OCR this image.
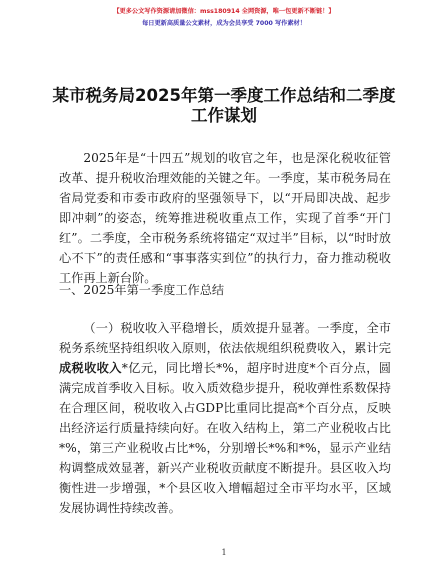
【更多公文写作资源请加微信：mss180914 全网资源，唯一包更新不断链！】
每日更新高质量公文素材，成为会员享受 7000 写作素材！
某市税务局2025年第一季度工作总结和二季度
工作谋划

2025年是“十四五”规划的收官之年，也是深化税收征管改革、提升税收治理效能的关键之年。一季度，某市税务局在省局党委和市委市政府的坚强领导下，以“开局即决战、起步即冲刺”的姿态，统筹推进税收重点工作，实现了首季“开门红”。二季度，全市税务系统将锚定“双过半”目标，以“时时放心不下”的责任感和“事事落实到位”的执行力，奋力推动税收工作再上新台阶。

一、2025年第一季度工作总结

（一）税收收入平稳增长，质效提升显著。一季度，全市税务系统坚持组织收入原则，依法依规组织税费收入，累计完成税收收入*亿元，同比增长*%，超序时进度*个百分点，圆满完成首季收入目标。收入质效稳步提升，税收弹性系数保持在合理区间，税收收入占GDP比重同比提高*个百分点，反映出经济运行质量持续向好。在收入结构上，第二产业税收占比*%，第三产业税收占比*%，分别增长*%和*%，显示产业结构调整成效显著，新兴产业税收贡献度不断提升。县区收入均衡性进一步增强，*个县区收入增幅超过全市平均水平，区域发展协调性持续改善。

1
